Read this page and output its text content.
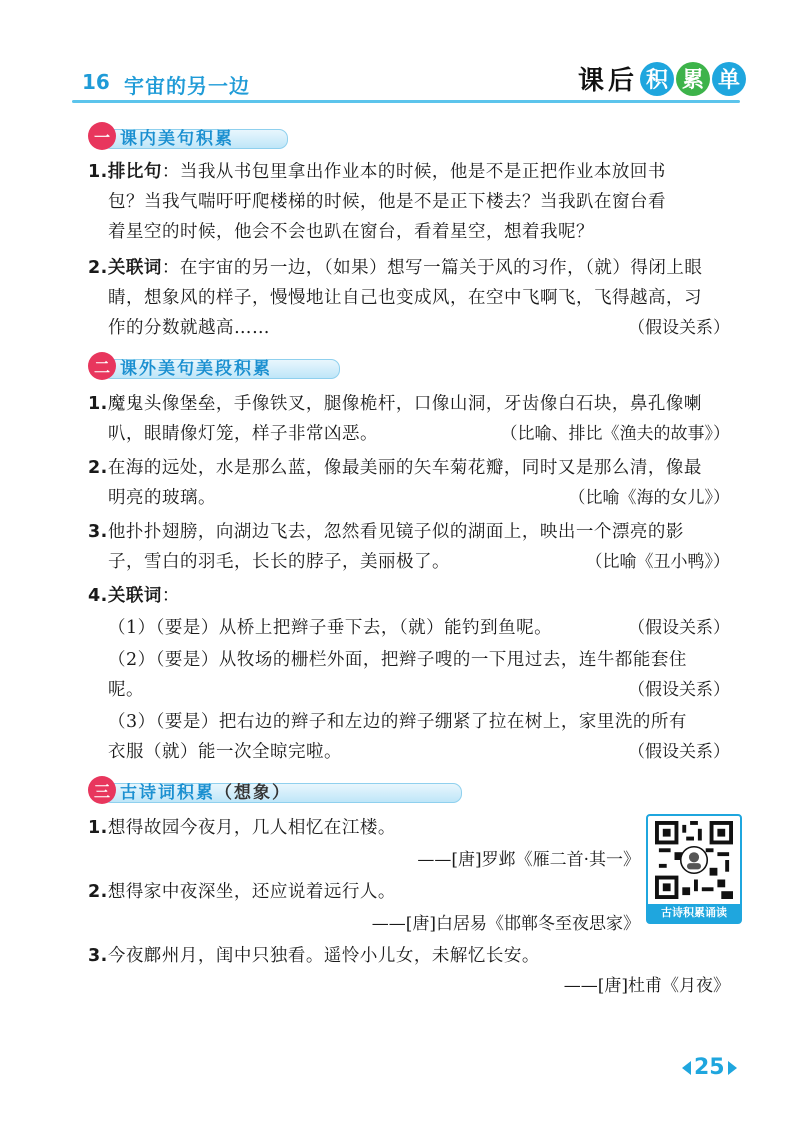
16 宇宙的另一边	课 后 积 累 单
一 课内美句积累
1.排比句：当我从书包里拿出作业本的时候，他是不是正把作业本放回书
包？当我气喘吁吁爬楼梯的时候，他是不是正下楼去？当我趴在窗台看
着星空的时候，他会不会也趴在窗台，看着星空，想着我呢？
2.关联词：在宇宙的另一边，（如果）想写一篇关于风的习作，（就）得闭上眼
睛，想象风的样子，慢慢地让自己也变成风，在空中飞啊飞，飞得越高，习
作的分数就越高……	（假设关系）
二 课外美句美段积累
1.魔鬼头像堡垒，手像铁叉，腿像桅杆，口像山洞，牙齿像白石块，鼻孔像喇
叭，眼睛像灯笼，样子非常凶恶。	（比喻、排比《渔夫的故事》）
2.在海的远处，水是那么蓝，像最美丽的矢车菊花瓣，同时又是那么清，像最
明亮的玻璃。	（比喻《海的女儿》）
3.他扑扑翅膀，向湖边飞去，忽然看见镜子似的湖面上，映出一个漂亮的影
子，雪白的羽毛，长长的脖子，美丽极了。	（比喻《丑小鸭》）
4.关联词：
（1）（要是）从桥上把辫子垂下去，（就）能钓到鱼呢。	（假设关系）
（2）（要是）从牧场的栅栏外面，把辫子嗖的一下甩过去，连牛都能套住
呢。	（假设关系）
（3）（要是）把右边的辫子和左边的辫子绷紧了拉在树上，家里洗的所有
衣服（就）能一次全晾完啦。	（假设关系）
三 古诗词积累（想象）
1.想得故园今夜月，几人相忆在江楼。
——[唐]罗邺《雁二首·其一》
2.想得家中夜深坐，还应说着远行人。
——[唐]白居易《邯郸冬至夜思家》
3.今夜鄜州月，闺中只独看。遥怜小儿女，未解忆长安。
——[唐]杜甫《月夜》
古诗积累诵读
25
